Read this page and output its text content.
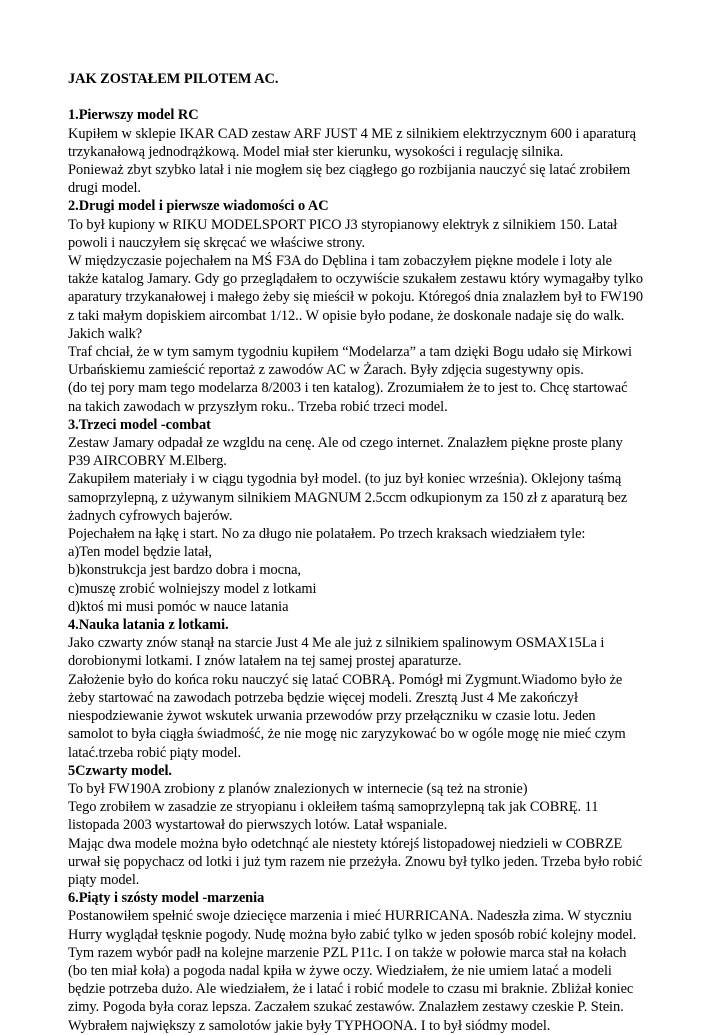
JAK ZOSTAŁEM PILOTEM AC.
1.Pierwszy model RC
Kupiłem w sklepie IKAR CAD zestaw ARF JUST 4 ME z silnikiem elektrzycznym 600 i aparaturą
trzykanałową jednodrążkową. Model miał ster kierunku, wysokości i regulację silnika.
Ponieważ zbyt szybko latał i nie mogłem się bez ciągłego go rozbijania nauczyć się latać zrobiłem
drugi model.
2.Drugi model i pierwsze wiadomości o AC
To był kupiony w RIKU MODELSPORT PICO J3 styropianowy elektryk z silnikiem 150. Latał
powoli i nauczyłem się skręcać we właściwe strony.
W międzyczasie pojechałem na MŚ F3A do Dęblina i tam zobaczyłem piękne modele i loty ale
także katalog Jamary. Gdy go przeglądałem to oczywiście szukałem zestawu który wymagałby tylko
aparatury trzykanałowej i małego żeby się mieścił w pokoju. Któregoś dnia znalazłem był to FW190
z taki małym dopiskiem aircombat 1/12.. W opisie było podane, że doskonale nadaje się do walk.
Jakich walk?
Traf chciał, że w tym samym tygodniu kupiłem “Modelarza” a tam dzięki Bogu udało się Mirkowi
Urbańskiemu zamieścić reportaż z zawodów AC w Żarach. Były zdjęcia sugestywny opis.
(do tej pory mam tego modelarza 8/2003 i ten katalog). Zrozumiałem że to jest to. Chcę startować
na takich zawodach w przyszłym roku.. Trzeba robić trzeci model.
3.Trzeci model -combat
Zestaw Jamary odpadał ze wzgldu na cenę. Ale od czego internet. Znalazłem piękne proste plany
P39 AIRCOBRY M.Elberg.
Zakupiłem materiały i w ciągu tygodnia był model. (to juz był koniec września). Oklejony taśmą
samoprzylepną, z używanym silnikiem MAGNUM 2.5ccm odkupionym za 150 zł z aparaturą bez
żadnych cyfrowych bajerów.
Pojechałem na łąkę i start. No za długo nie polatałem. Po trzech kraksach wiedziałem tyle:
a)Ten model będzie latał,
b)konstrukcja jest bardzo dobra i mocna,
c)muszę zrobić wolniejszy model z lotkami
d)ktoś mi musi pomóc w nauce latania
4.Nauka latania z lotkami.
Jako czwarty znów stanął na starcie Just 4 Me ale już z silnikiem spalinowym OSMAX15La i
dorobionymi lotkami. I znów latałem na tej samej prostej aparaturze.
Założenie było do końca roku nauczyć się latać COBRĄ. Pomógł mi Zygmunt.Wiadomo było że
żeby startować na zawodach potrzeba będzie więcej modeli. Zresztą Just 4 Me zakończył
niespodziewanie żywot wskutek urwania przewodów przy przełączniku w czasie lotu. Jeden
samolot to była ciągła świadmość, że nie mogę nic zaryzykować bo w ogóle mogę nie mieć czym
latać.trzeba robić piąty model.
5Czwarty model.
To był FW190A zrobiony z planów znalezionych w internecie (są też na stronie)
Tego zrobiłem w zasadzie ze stryopianu i okleiłem taśmą samoprzylepną tak jak COBRĘ. 11
listopada 2003 wystartował do pierwszych lotów. Latał wspaniale.
Mając dwa modele można było odetchnąć ale niestety którejś listopadowej niedzieli w COBRZE
urwał się popychacz od lotki i już tym razem nie przeżyła. Znowu był tylko jeden. Trzeba było robić
piąty model.
6.Piąty i szósty model -marzenia
Postanowiłem spełnić swoje dziecięce marzenia i mieć HURRICANA. Nadeszła zima. W styczniu
Hurry wyglądał tęsknie pogody. Nudę można było zabić tylko w jeden sposób robić kolejny model.
Tym razem wybór padł na kolejne marzenie PZL P11c. I on także w połowie marca stał na kołach
(bo ten miał koła) a pogoda nadal kpiła w żywe oczy. Wiedziałem, że nie umiem latać a modeli
będzie potrzeba dużo. Ale wiedziałem, że i latać i robić modele to czasu mi braknie. Zbliżał koniec
zimy. Pogoda była coraz lepsza. Zaczałem szukać zestawów. Znalazłem zestawy czeskie P. Stein.
Wybrałem największy z samolotów jakie były TYPHOONA. I to był siódmy model.
